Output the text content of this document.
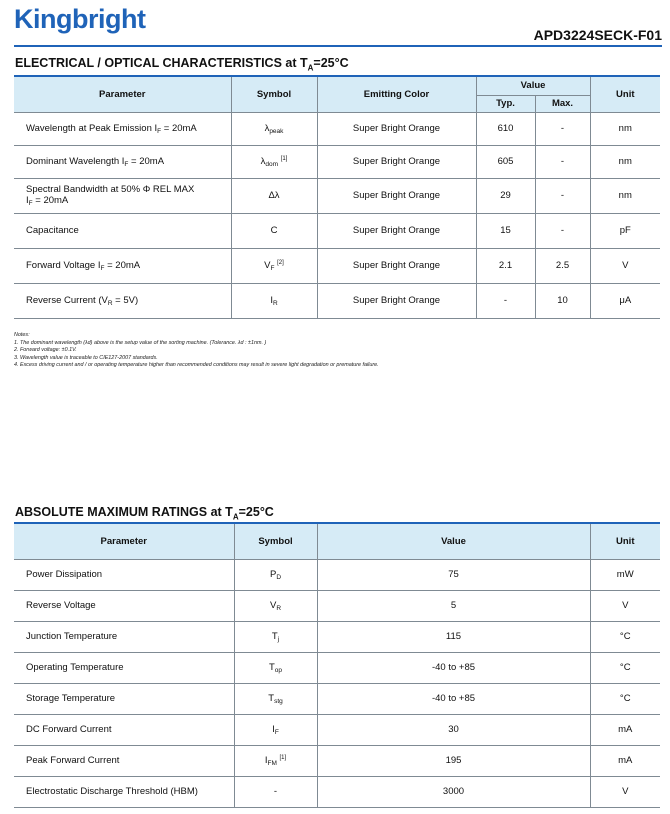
Kingbright
APD3224SECK-F01
ELECTRICAL / OPTICAL CHARACTERISTICS at $T_A=25^\circ C$
Parameter	Symbol	Emitting Color	Value		Unit
			Typ.	Max.	
Wavelength at Peak Emission $I_F = 20mA$	$\lambda_{peak}$	Super Bright Orange	610	-	nm
Dominant Wavelength $I_F = 20mA$	$\lambda_{dom}$ [1]	Super Bright Orange	605	-	nm
Spectral Bandwidth at 50% Φ REL MAX
$I_F = 20mA$	Δλ	Super Bright Orange	29	-	nm
Capacitance	C	Super Bright Orange	15	-	pF
Forward Voltage $I_F = 20mA$	$V_F$ [2]	Super Bright Orange	2.1	2.5	V
Reverse Current $(V_R = 5V)$	$I_R$	Super Bright Orange	-	10	μA
Notes:
1. The dominant wavelength (λd) above is the setup value of the sorting machine. (Tolerance. λd : ±1nm. )
2. Forward voltage: ±0.1V.
3. Wavelength value is traceable to CIE127-2007 standards.
4. Excess driving current and / or operating temperature higher than recommended conditions may result in severe light degradation or premature failure.
ABSOLUTE MAXIMUM RATINGS at $T_A=25^\circ C$
Parameter	Symbol	Value	Unit
Power Dissipation	$P_D$	75	mW
Reverse Voltage	$V_R$	5	V
Junction Temperature	$T_j$	115	°C
Operating Temperature	$T_{op}$	-40 to +85	°C
Storage Temperature	$T_{stg}$	-40 to +85	°C
DC Forward Current	$I_F$	30	mA
Peak Forward Current	$I_{FM}$ [1]	195	mA
Electrostatic Discharge Threshold (HBM)	-	3000	V
